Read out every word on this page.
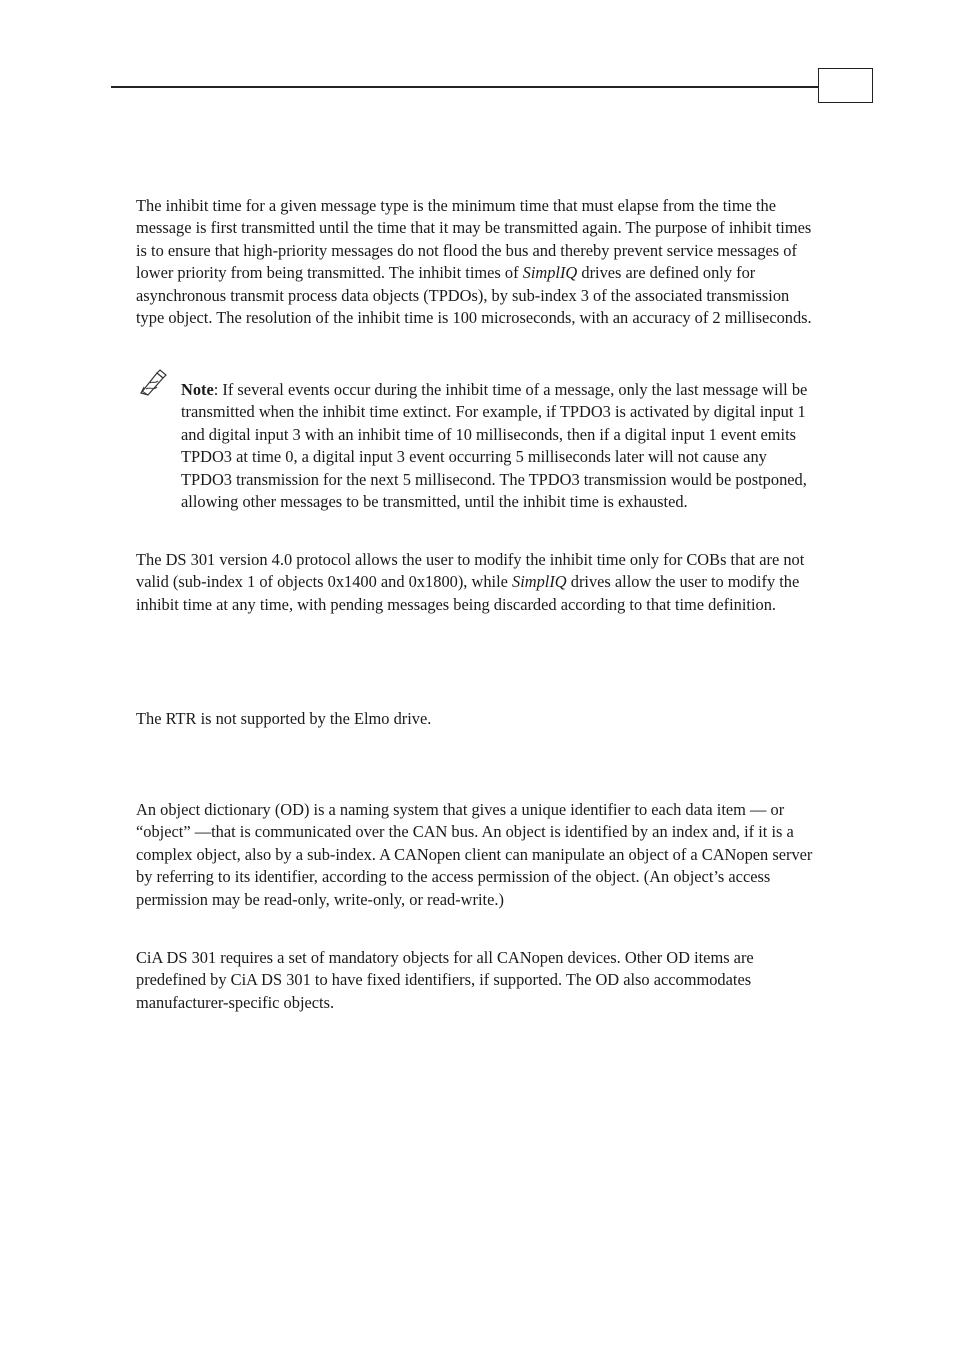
The inhibit time for a given message type is the minimum time that must elapse from the time the message is first transmitted until the time that it may be transmitted again. The purpose of inhibit times is to ensure that high-priority messages do not flood the bus and thereby prevent service messages of lower priority from being transmitted. The inhibit times of SimplIQ drives are defined only for asynchronous transmit process data objects (TPDOs), by sub-index 3 of the associated transmission type object. The resolution of the inhibit time is 100 microseconds, with an accuracy of 2 milliseconds.

Note: If several events occur during the inhibit time of a message, only the last message will be transmitted when the inhibit time extinct. For example, if TPDO3 is activated by digital input 1 and digital input 3 with an inhibit time of 10 milliseconds, then if a digital input 1 event emits TPDO3 at time 0, a digital input 3 event occurring 5 milliseconds later will not cause any TPDO3 transmission for the next 5 millisecond. The TPDO3 transmission would be postponed, allowing other messages to be transmitted, until the inhibit time is exhausted.

The DS 301 version 4.0 protocol allows the user to modify the inhibit time only for COBs that are not valid (sub-index 1 of objects 0x1400 and 0x1800), while SimplIQ drives allow the user to modify the inhibit time at any time, with pending messages being discarded according to that time definition.

The RTR is not supported by the Elmo drive.

An object dictionary (OD) is a naming system that gives a unique identifier to each data item — or “object” —that is communicated over the CAN bus. An object is identified by an index and, if it is a complex object, also by a sub-index. A CANopen client can manipulate an object of a CANopen server by referring to its identifier, according to the access permission of the object. (An object’s access permission may be read-only, write-only, or read-write.)

CiA DS 301 requires a set of mandatory objects for all CANopen devices. Other OD items are predefined by CiA DS 301 to have fixed identifiers, if supported. The OD also accommodates manufacturer-specific objects.
